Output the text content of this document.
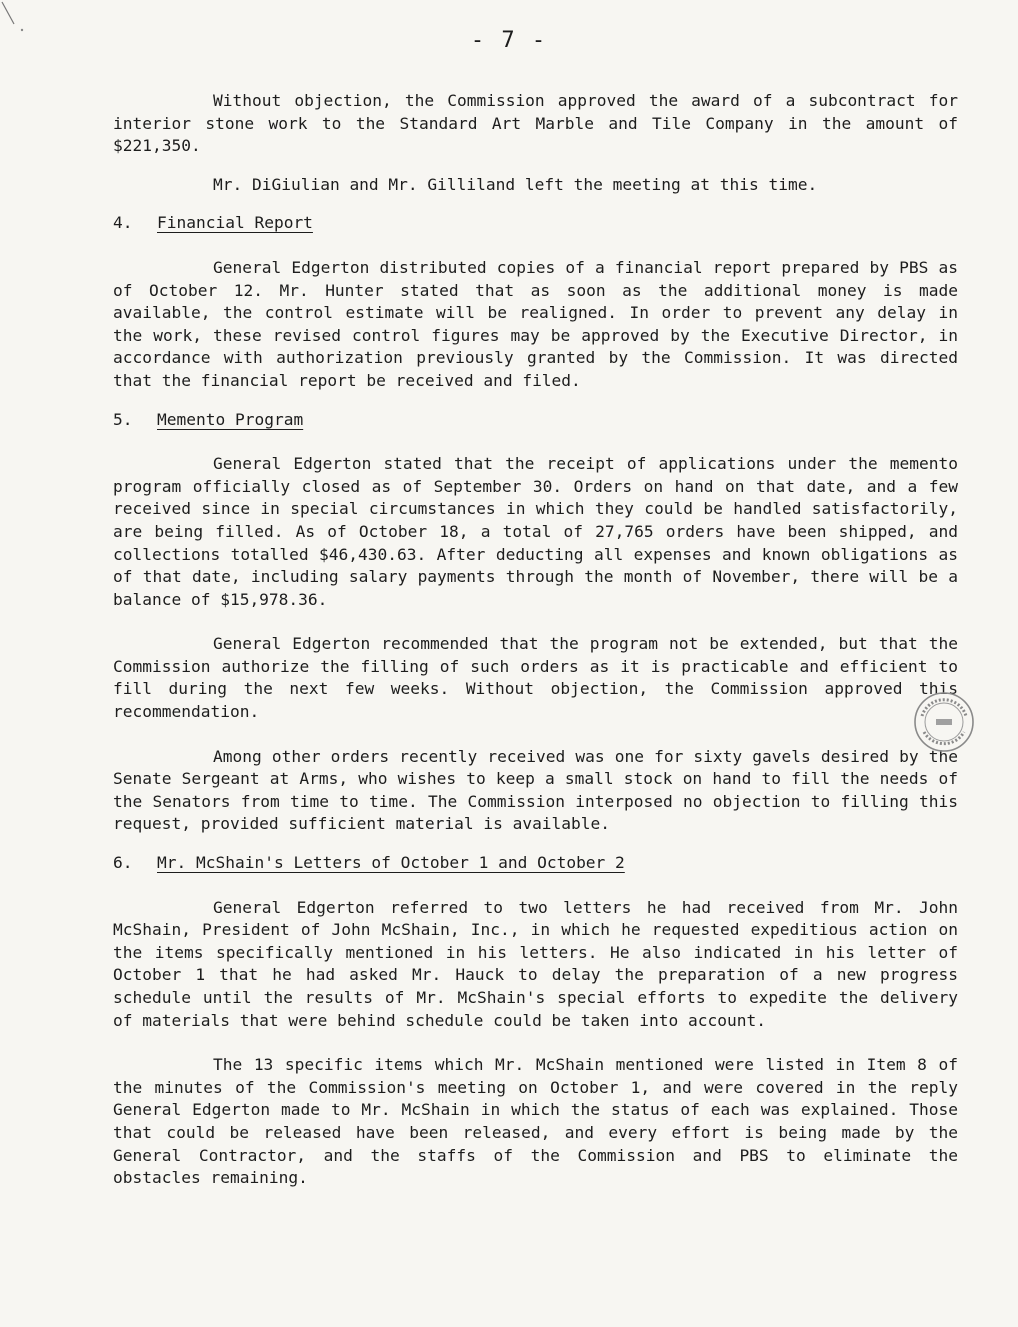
- 7 -

Without objection, the Commission approved the award of a subcontract for interior stone work to the Standard Art Marble and Tile Company in the amount of $221,350.

Mr. DiGiulian and Mr. Gilliland left the meeting at this time.

4.	Financial Report

General Edgerton distributed copies of a financial report prepared by PBS as of October 12. Mr. Hunter stated that as soon as the additional money is made available, the control estimate will be realigned. In order to prevent any delay in the work, these revised control figures may be approved by the Executive Director, in accordance with authorization previously granted by the Commission. It was directed that the financial report be received and filed.

5.	Memento Program

General Edgerton stated that the receipt of applications under the memento program officially closed as of September 30. Orders on hand on that date, and a few received since in special circumstances in which they could be handled satisfactorily, are being filled. As of October 18, a total of 27,765 orders have been shipped, and collections totalled $46,430.63. After deducting all expenses and known obligations as of that date, including salary payments through the month of November, there will be a balance of $15,978.36.

General Edgerton recommended that the program not be extended, but that the Commission authorize the filling of such orders as it is practicable and efficient to fill during the next few weeks. Without objection, the Commission approved this recommendation.

Among other orders recently received was one for sixty gavels desired by the Senate Sergeant at Arms, who wishes to keep a small stock on hand to fill the needs of the Senators from time to time. The Commission interposed no objection to filling this request, provided sufficient material is available.

6.	Mr. McShain's Letters of October 1 and October 2

General Edgerton referred to two letters he had received from Mr. John McShain, President of John McShain, Inc., in which he requested expeditious action on the items specifically mentioned in his letters. He also indicated in his letter of October 1 that he had asked Mr. Hauck to delay the preparation of a new progress schedule until the results of Mr. McShain's special efforts to expedite the delivery of materials that were behind schedule could be taken into account.

The 13 specific items which Mr. McShain mentioned were listed in Item 8 of the minutes of the Commission's meeting on October 1, and were covered in the reply General Edgerton made to Mr. McShain in which the status of each was explained. Those that could be released have been released, and every effort is being made by the General Contractor, and the staffs of the Commission and PBS to eliminate the obstacles remaining.
